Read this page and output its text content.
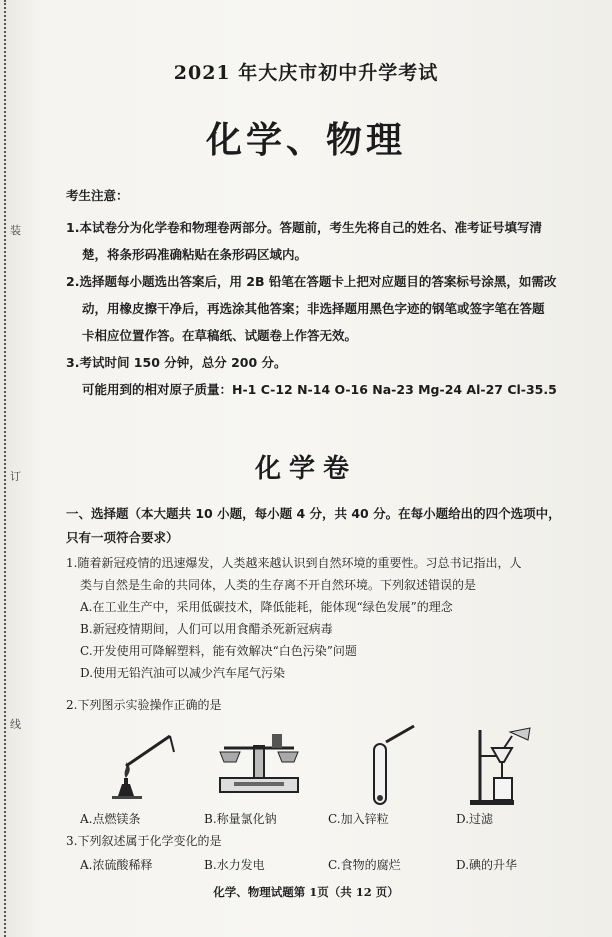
装
订
线
2021 年大庆市初中升学考试
化学、物理
考生注意：
1.本试卷分为化学卷和物理卷两部分。答题前，考生先将自己的姓名、准考证号填写清
楚，将条形码准确粘贴在条形码区域内。
2.选择题每小题选出答案后，用 2B 铅笔在答题卡上把对应题目的答案标号涂黑，如需改
动，用橡皮擦干净后，再选涂其他答案；非选择题用黑色字迹的钢笔或签字笔在答题
卡相应位置作答。在草稿纸、试题卷上作答无效。
3.考试时间 150 分钟，总分 200 分。
可能用到的相对原子质量：H-1 C-12 N-14 O-16 Na-23 Mg-24 Al-27 Cl-35.5
化学卷
一、选择题（本大题共 10 小题，每小题 4 分，共 40 分。在每小题给出的四个选项中，
只有一项符合要求）
1.随着新冠疫情的迅速爆发，人类越来越认识到自然环境的重要性。习总书记指出，人
类与自然是生命的共同体，人类的生存离不开自然环境。下列叙述错误的是
A.在工业生产中，采用低碳技术，降低能耗，能体现“绿色发展”的理念
B.新冠疫情期间，人们可以用食醋杀死新冠病毒
C.开发使用可降解塑料，能有效解决“白色污染”问题
D.使用无铅汽油可以减少汽车尾气污染
2.下列图示实验操作正确的是
A.点燃镁条	B.称量氯化钠	C.加入锌粒	D.过滤
3.下列叙述属于化学变化的是
A.浓硫酸稀释	B.水力发电	C.食物的腐烂	D.碘的升华
化学、物理试题第 1页（共 12 页）
